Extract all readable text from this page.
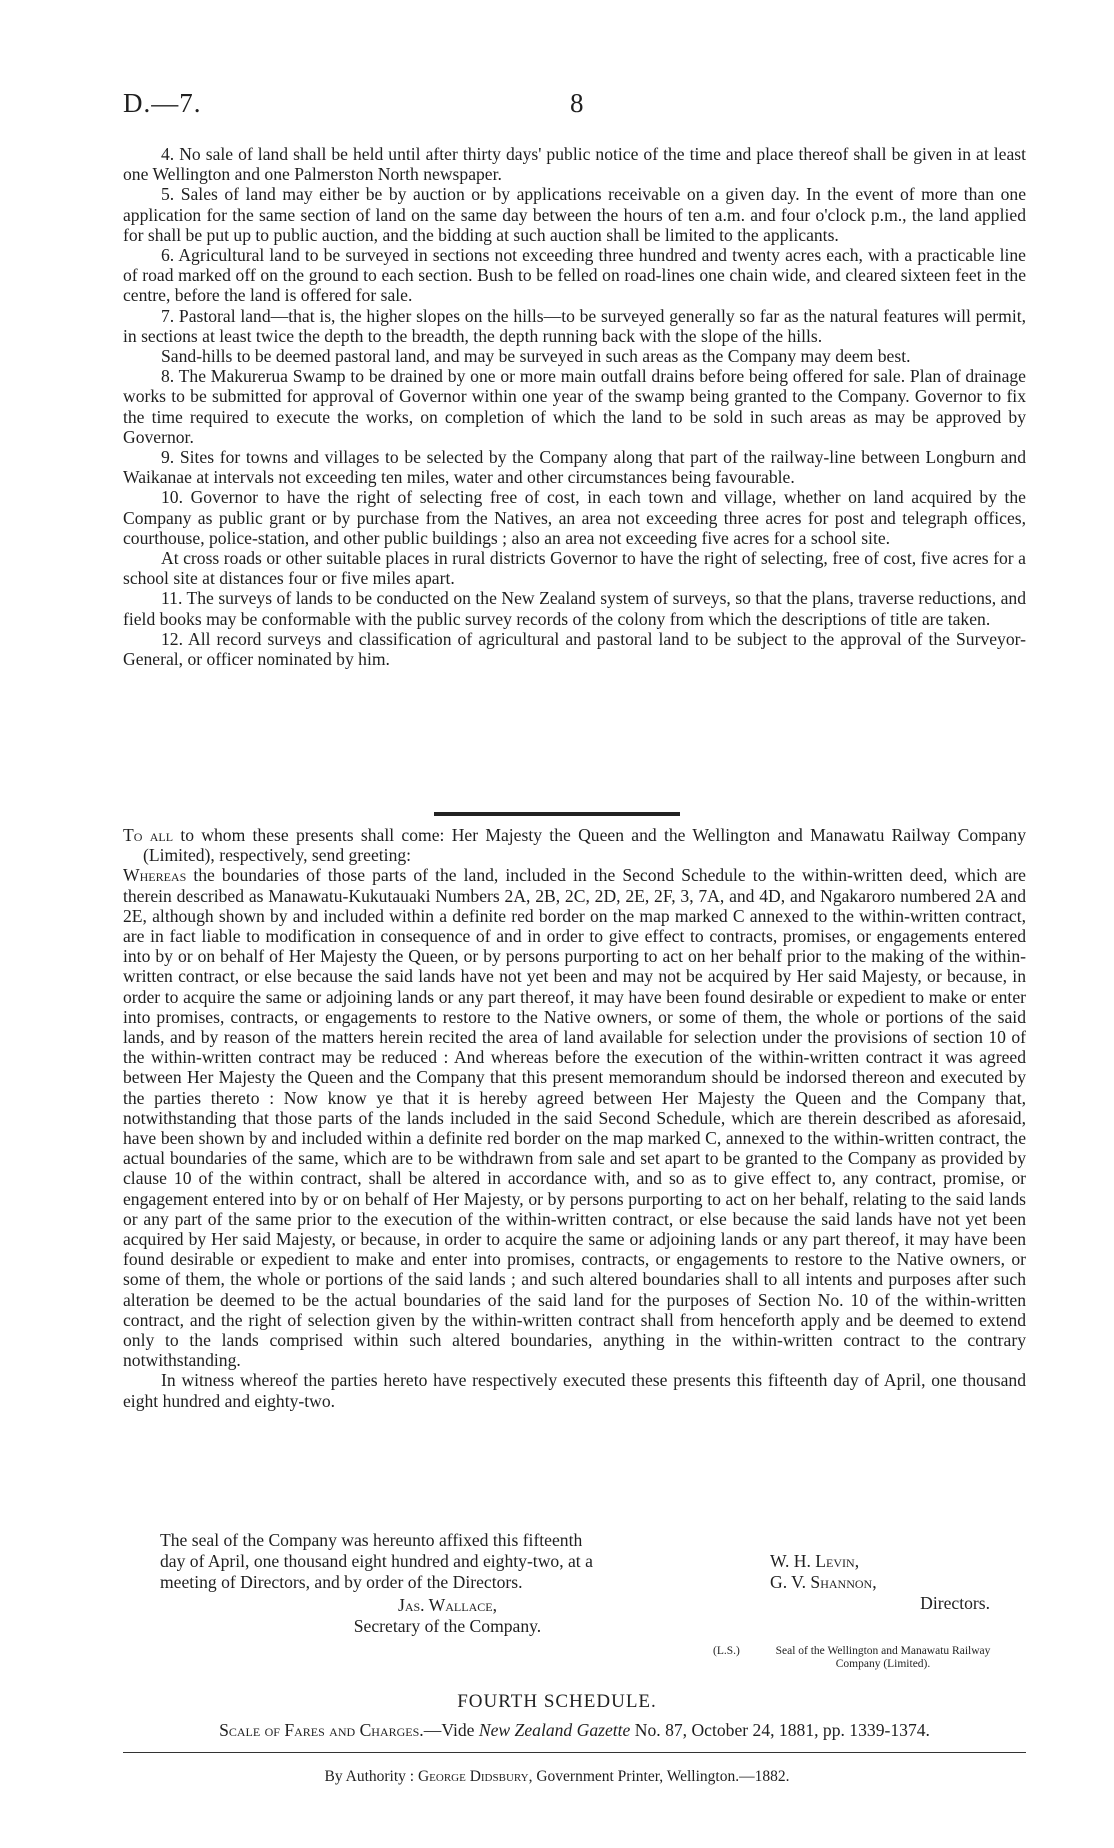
D.—7.	8

4. No sale of land shall be held until after thirty days' public notice of the time and place thereof shall be given in at least one Wellington and one Palmerston North newspaper.

5. Sales of land may either be by auction or by applications receivable on a given day. In the event of more than one application for the same section of land on the same day between the hours of ten a.m. and four o'clock p.m., the land applied for shall be put up to public auction, and the bidding at such auction shall be limited to the applicants.

6. Agricultural land to be surveyed in sections not exceeding three hundred and twenty acres each, with a practicable line of road marked off on the ground to each section. Bush to be felled on road-lines one chain wide, and cleared sixteen feet in the centre, before the land is offered for sale.

7. Pastoral land—that is, the higher slopes on the hills—to be surveyed generally so far as the natural features will permit, in sections at least twice the depth to the breadth, the depth running back with the slope of the hills.

Sand-hills to be deemed pastoral land, and may be surveyed in such areas as the Company may deem best.

8. The Makurerua Swamp to be drained by one or more main outfall drains before being offered for sale. Plan of drainage works to be submitted for approval of Governor within one year of the swamp being granted to the Company. Governor to fix the time required to execute the works, on completion of which the land to be sold in such areas as may be approved by Governor.

9. Sites for towns and villages to be selected by the Company along that part of the railway-line between Longburn and Waikanae at intervals not exceeding ten miles, water and other circumstances being favourable.

10. Governor to have the right of selecting free of cost, in each town and village, whether on land acquired by the Company as public grant or by purchase from the Natives, an area not exceeding three acres for post and telegraph offices, courthouse, police-station, and other public buildings ; also an area not exceeding five acres for a school site.

At cross roads or other suitable places in rural districts Governor to have the right of selecting, free of cost, five acres for a school site at distances four or five miles apart.

11. The surveys of lands to be conducted on the New Zealand system of surveys, so that the plans, traverse reductions, and field books may be conformable with the public survey records of the colony from which the descriptions of title are taken.

12. All record surveys and classification of agricultural and pastoral land to be subject to the approval of the Surveyor-General, or officer nominated by him.

To all to whom these presents shall come: Her Majesty the Queen and the Wellington and Manawatu Railway Company (Limited), respectively, send greeting:

Whereas the boundaries of those parts of the land, included in the Second Schedule to the within-written deed, which are therein described as Manawatu-Kukutauaki Numbers 2A, 2B, 2C, 2D, 2E, 2F, 3, 7A, and 4D, and Ngakaroro numbered 2A and 2E, although shown by and included within a definite red border on the map marked C annexed to the within-written contract, are in fact liable to modification in consequence of and in order to give effect to contracts, promises, or engagements entered into by or on behalf of Her Majesty the Queen, or by persons purporting to act on her behalf prior to the making of the within-written contract, or else because the said lands have not yet been and may not be acquired by Her said Majesty, or because, in order to acquire the same or adjoining lands or any part thereof, it may have been found desirable or expedient to make or enter into promises, contracts, or engagements to restore to the Native owners, or some of them, the whole or portions of the said lands, and by reason of the matters herein recited the area of land available for selection under the provisions of section 10 of the within-written contract may be reduced : And whereas before the execution of the within-written contract it was agreed between Her Majesty the Queen and the Company that this present memorandum should be indorsed thereon and executed by the parties thereto : Now know ye that it is hereby agreed between Her Majesty the Queen and the Company that, notwithstanding that those parts of the lands included in the said Second Schedule, which are therein described as aforesaid, have been shown by and included within a definite red border on the map marked C, annexed to the within-written contract, the actual boundaries of the same, which are to be withdrawn from sale and set apart to be granted to the Company as provided by clause 10 of the within contract, shall be altered in accordance with, and so as to give effect to, any contract, promise, or engagement entered into by or on behalf of Her Majesty, or by persons purporting to act on her behalf, relating to the said lands or any part of the same prior to the execution of the within-written contract, or else because the said lands have not yet been acquired by Her said Majesty, or because, in order to acquire the same or adjoining lands or any part thereof, it may have been found desirable or expedient to make and enter into promises, contracts, or engagements to restore to the Native owners, or some of them, the whole or portions of the said lands ; and such altered boundaries shall to all intents and purposes after such alteration be deemed to be the actual boundaries of the said land for the purposes of Section No. 10 of the within-written contract, and the right of selection given by the within-written contract shall from henceforth apply and be deemed to extend only to the lands comprised within such altered boundaries, anything in the within-written contract to the contrary notwithstanding.

In witness whereof the parties hereto have respectively executed these presents this fifteenth day of April, one thousand eight hundred and eighty-two.

The seal of the Company was hereunto affixed this fifteenth day of April, one thousand eight hundred and eighty-two, at a meeting of Directors, and by order of the Directors.
Jas. Wallace,
Secretary of the Company.
W. H. Levin,
G. V. Shannon,
Directors.
(L.S.)	Seal of the Wellington and Manawatu Railway Company (Limited).
FOURTH SCHEDULE.
Scale of Fares and Charges.—Vide New Zealand Gazette No. 87, October 24, 1881, pp. 1339-1374.
By Authority : George Didsbury, Government Printer, Wellington.—1882.
